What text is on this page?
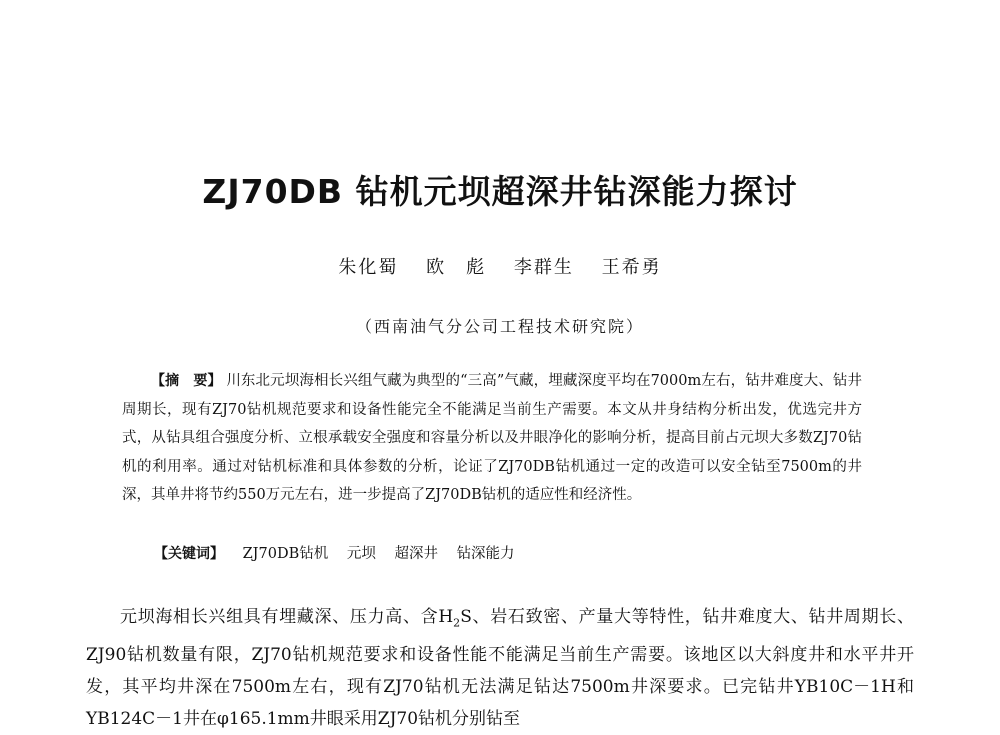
ZJ70DB 钻机元坝超深井钻深能力探讨
朱化蜀 欧　彪 李群生 王希勇
（西南油气分公司工程技术研究院）

【摘　要】 川东北元坝海相长兴组气藏为典型的“三高”气藏，埋藏深度平均在7000m左右，钻井难度大、钻井周期长，现有ZJ70钻机规范要求和设备性能完全不能满足当前生产需要。本文从井身结构分析出发，优选完井方式，从钻具组合强度分析、立根承载安全强度和容量分析以及井眼净化的影响分析，提高目前占元坝大多数ZJ70钻机的利用率。通过对钻机标准和具体参数的分析，论证了ZJ70DB钻机通过一定的改造可以安全钻至7500m的井深，其单井将节约550万元左右，进一步提高了ZJ70DB钻机的适应性和经济性。

【关键词】 ZJ70DB钻机 元坝 超深井 钻深能力

元坝海相长兴组具有埋藏深、压力高、含$H_2S$、岩石致密、产量大等特性，钻井难度大、钻井周期长、ZJ90钻机数量有限，ZJ70钻机规范要求和设备性能不能满足当前生产需要。该地区以大斜度井和水平井开发，其平均井深在7500m左右，现有ZJ70钻机无法满足钻达7500m井深要求。已完钻井YB10C－1H和YB124C－1井在φ165.1mm井眼采用ZJ70钻机分别钻至
